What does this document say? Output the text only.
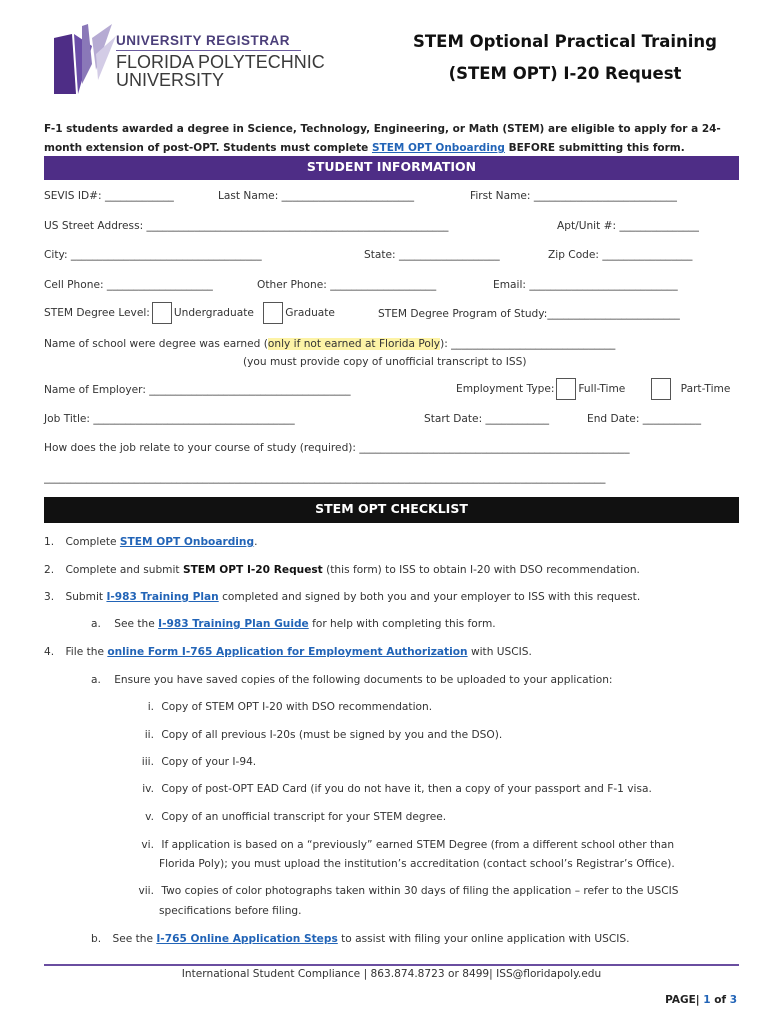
UNIVERSITY REGISTRAR
FLORIDA POLYTECHNIC
UNIVERSITY
STEM Optional Practical Training
(STEM OPT) I-20 Request
F-1 students awarded a degree in Science, Technology, Engineering, or Math (STEM) are eligible to apply for a 24-month extension of post-OPT. Students must complete STEM OPT Onboarding BEFORE submitting this form.
STUDENT INFORMATION
SEVIS ID#: _____________	Last Name: _________________________	First Name: ___________________________
US Street Address: _________________________________________________________	Apt/Unit #: _______________
City: ____________________________________	State: ___________________	Zip Code: _________________
Cell Phone: ____________________	Other Phone: ____________________	Email: ____________________________
STEM Degree Level: Undergraduate	Graduate	STEM Degree Program of Study:_________________________
Name of school were degree was earned (only if not earned at Florida Poly): _______________________________
(you must provide copy of unofficial transcript to ISS)
Name of Employer: ______________________________________	Employment Type: Full-Time	Part-Time
Job Title: ______________________________________	Start Date: ____________	End Date: ___________
How does the job relate to your course of study (required): ___________________________________________________
__________________________________________________________________________________________________________
STEM OPT CHECKLIST
1. Complete STEM OPT Onboarding.
2. Complete and submit STEM OPT I-20 Request (this form) to ISS to obtain I-20 with DSO recommendation.
3. Submit I-983 Training Plan completed and signed by both you and your employer to ISS with this request.
a. See the I-983 Training Plan Guide for help with completing this form.
4. File the online Form I-765 Application for Employment Authorization with USCIS.
a. Ensure you have saved copies of the following documents to be uploaded to your application:
i. Copy of STEM OPT I-20 with DSO recommendation.
ii. Copy of all previous I-20s (must be signed by you and the DSO).
iii. Copy of your I-94.
iv. Copy of post-OPT EAD Card (if you do not have it, then a copy of your passport and F-1 visa.
v. Copy of an unofficial transcript for your STEM degree.
vi. If application is based on a “previously” earned STEM Degree (from a different school other than
Florida Poly); you must upload the institution’s accreditation (contact school’s Registrar’s Office).
vii. Two copies of color photographs taken within 30 days of filing the application – refer to the USCIS
specifications before filing.
b. See the I-765 Online Application Steps to assist with filing your online application with USCIS.
International Student Compliance | 863.874.8723 or 8499| ISS@floridapoly.edu
PAGE| 1 of 3
